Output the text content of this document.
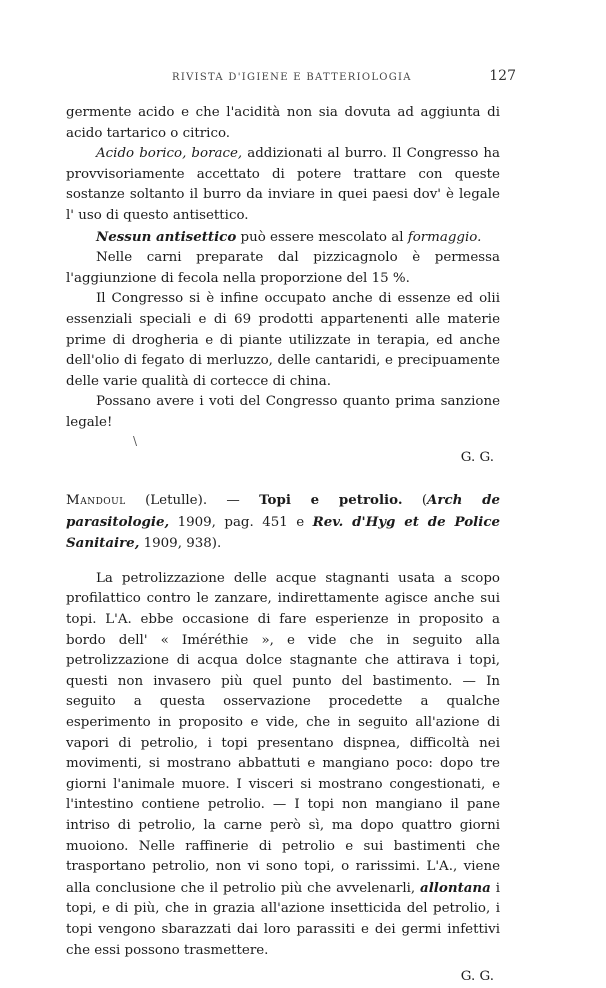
RIVISTA D'IGIENE E BATTERIOLOGIA	127

germente acido e che l'acidità non sia dovuta ad aggiunta di acido tartarico o citrico.

Acido borico, borace, addizionati al burro. Il Congresso ha provvisoriamente accettato di potere trattare con queste sostanze soltanto il burro da inviare in quei paesi dov' è legale l' uso di questo antisettico.

Nessun antisettico può essere mescolato al formaggio.

Nelle carni preparate dal pizzicagnolo è permessa l'aggiunzione di fecola nella proporzione del 15 %.

Il Congresso si è infine occupato anche di essenze ed olii essenziali speciali e di 69 prodotti appartenenti alle materie prime di drogheria e di piante utilizzate in terapia, ed anche dell'olio di fegato di merluzzo, delle cantaridi, e precipuamente delle varie qualità di cortecce di china.

Possano avere i voti del Congresso quanto prima sanzione legale!

\

G. G.

Mandoul (Letulle). — Topi e petrolio. (Arch de parasitologie, 1909, pag. 451 e Rev. d'Hyg et de Police Sanitaire, 1909, 938).

La petrolizzazione delle acque stagnanti usata a scopo profilattico contro le zanzare, indirettamente agisce anche sui topi. L'A. ebbe occasione di fare esperienze in proposito a bordo dell' « Iméréthie », e vide che in seguito alla petrolizzazione di acqua dolce stagnante che attirava i topi, questi non invasero più quel punto del bastimento. — In seguito a questa osservazione procedette a qualche esperimento in proposito e vide, che in seguito all'azione di vapori di petrolio, i topi presentano dispnea, difficoltà nei movimenti, si mostrano abbattuti e mangiano poco: dopo tre giorni l'animale muore. I visceri si mostrano congestionati, e l'intestino contiene petrolio. — I topi non mangiano il pane intriso di petrolio, la carne però sì, ma dopo quattro giorni muoiono. Nelle raffinerie di petrolio e sui bastimenti che trasportano petrolio, non vi sono topi, o rarissimi. L'A., viene alla conclusione che il petrolio più che avvelenarli, allontana i topi, e di più, che in grazia all'azione insetticida del petrolio, i topi vengono sbarazzati dai loro parassiti e dei germi infettivi che essi possono trasmettere.

G. G.
